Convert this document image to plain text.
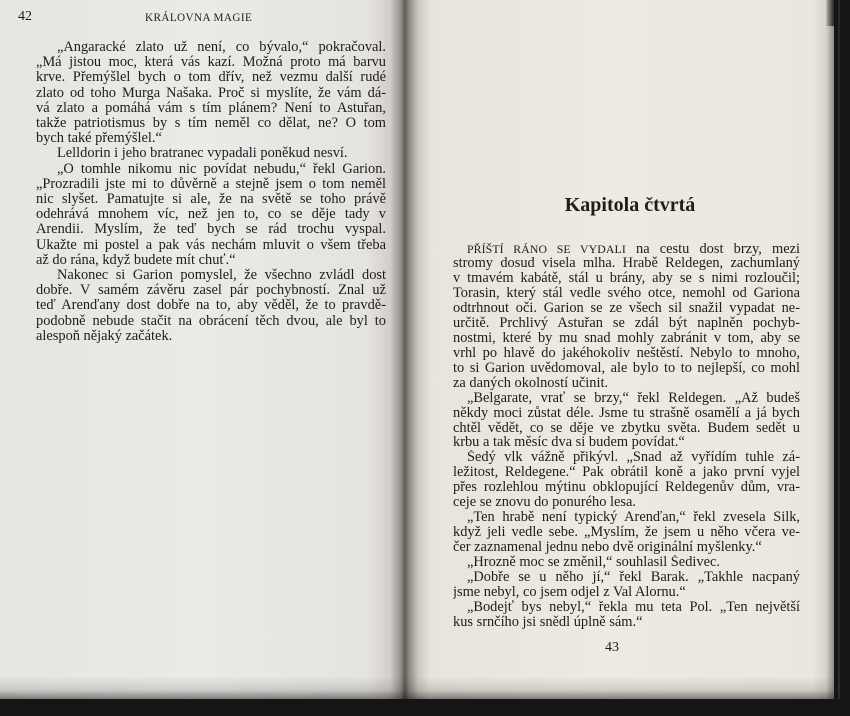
42	KRÁLOVNA MAGIE
„Angaracké zlato už není, co bývalo,“ pokračoval.
„Má jistou moc, která vás kazí. Možná proto má barvu
krve. Přemýšlel bych o tom dřív, než vezmu další rudé
zlato od toho Murga Našaka. Proč si myslíte, že vám dá-
vá zlato a pomáhá vám s tím plánem? Není to Astuřan,
takže patriotismus by s tím neměl co dělat, ne? O tom
bych také přemýšlel.“
Lelldorin i jeho bratranec vypadali poněkud nesví.
„O tomhle nikomu nic povídat nebudu,“ řekl Garion.
„Prozradili jste mi to důvěrně a stejně jsem o tom neměl
nic slyšet. Pamatujte si ale, že na světě se toho právě
odehrává mnohem víc, než jen to, co se děje tady v
Arendii. Myslím, že teď bych se rád trochu vyspal.
Ukažte mi postel a pak vás nechám mluvit o všem třeba
až do rána, když budete mít chuť.“
Nakonec si Garion pomyslel, že všechno zvládl dost
dobře. V samém závěru zasel pár pochybností. Znal už
teď Arenďany dost dobře na to, aby věděl, že to pravdě-
podobně nebude stačit na obrácení těch dvou, ale byl to
alespoň nějaký začátek.
Kapitola čtvrtá
PŘÍŠTÍ RÁNO SE VYDALI na cestu dost brzy, mezi
stromy dosud visela mlha. Hrabě Reldegen, zachumlaný
v tmavém kabátě, stál u brány, aby se s nimi rozloučil;
Torasin, který stál vedle svého otce, nemohl od Gariona
odtrhnout oči. Garion se ze všech sil snažil vypadat ne-
určitě. Prchlivý Astuřan se zdál být naplněn pochyb-
nostmi, které by mu snad mohly zabránit v tom, aby se
vrhl po hlavě do jakéhokoliv neštěstí. Nebylo to mnoho,
to si Garion uvědomoval, ale bylo to to nejlepší, co mohl
za daných okolností učinit.
„Belgarate, vrať se brzy,“ řekl Reldegen. „Až budeš
někdy moci zůstat déle. Jsme tu strašně osamělí a já bych
chtěl vědět, co se děje ve zbytku světa. Budem sedět u
krbu a tak měsíc dva si budem povídat.“
Šedý vlk vážně přikývl. „Snad až vyřídím tuhle zá-
ležitost, Reldegene.“ Pak obrátil koně a jako první vyjel
přes rozlehlou mýtinu obklopující Reldegenův dům, vra-
ceje se znovu do ponurého lesa.
„Ten hrabě není typický Arenďan,“ řekl zvesela Silk,
když jeli vedle sebe. „Myslím, že jsem u něho včera ve-
čer zaznamenal jednu nebo dvě originální myšlenky.“
„Hrozně moc se změnil,“ souhlasil Šedivec.
„Dobře se u něho jí,“ řekl Barak. „Takhle nacpaný
jsme nebyl, co jsem odjel z Val Alornu.“
„Bodejť bys nebyl,“ řekla mu teta Pol. „Ten největší
kus srnčího jsi snědl úplně sám.“
43
